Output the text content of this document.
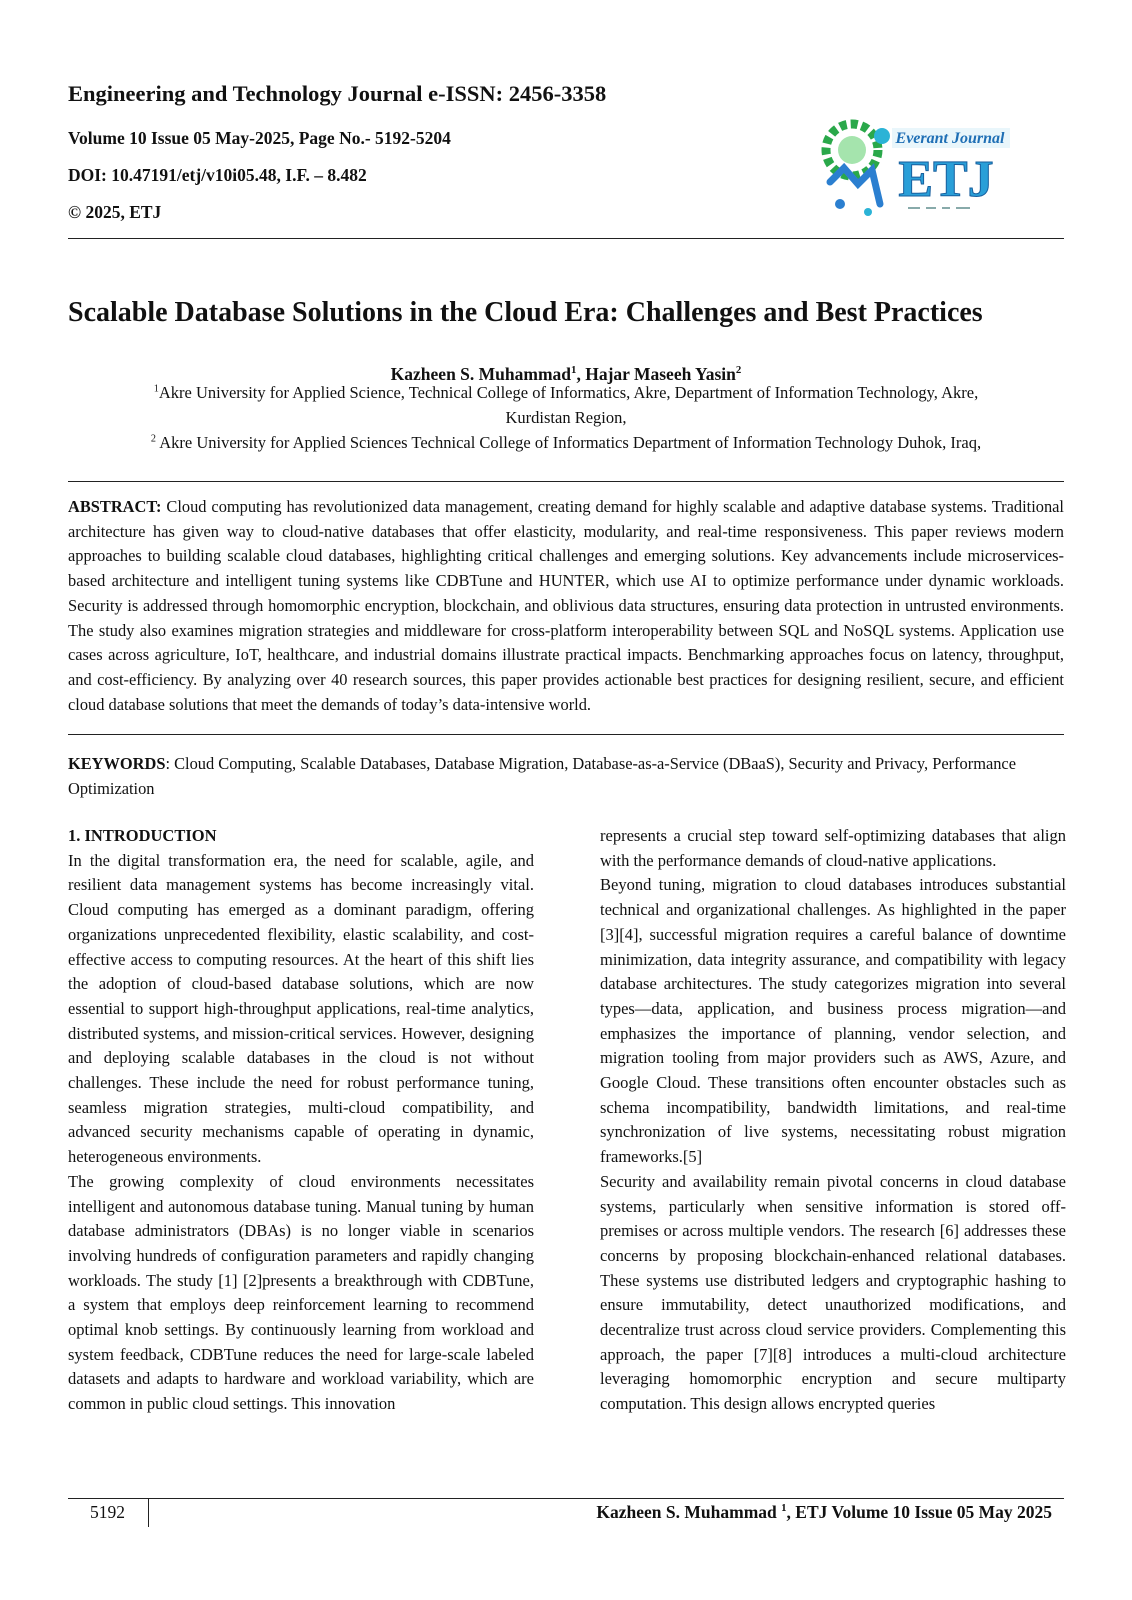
Engineering and Technology Journal e-ISSN: 2456-3358
Volume 10 Issue 05 May-2025, Page No.- 5192-5204
DOI: 10.47191/etj/v10i05.48, I.F. – 8.482
© 2025, ETJ
Everant Journal
ETJ
Scalable Database Solutions in the Cloud Era: Challenges and Best Practices
Kazheen S. Muhammad$^1$, Hajar Maseeh Yasin$^2$
$^1$Akre University for Applied Science, Technical College of Informatics, Akre, Department of Information Technology, Akre,
Kurdistan Region,
$^2$ Akre University for Applied Sciences Technical College of Informatics Department of Information Technology Duhok, Iraq,

ABSTRACT: Cloud computing has revolutionized data management, creating demand for highly scalable and adaptive database systems. Traditional architecture has given way to cloud-native databases that offer elasticity, modularity, and real-time responsiveness. This paper reviews modern approaches to building scalable cloud databases, highlighting critical challenges and emerging solutions. Key advancements include microservices-based architecture and intelligent tuning systems like CDBTune and HUNTER, which use AI to optimize performance under dynamic workloads. Security is addressed through homomorphic encryption, blockchain, and oblivious data structures, ensuring data protection in untrusted environments. The study also examines migration strategies and middleware for cross-platform interoperability between SQL and NoSQL systems. Application use cases across agriculture, IoT, healthcare, and industrial domains illustrate practical impacts. Benchmarking approaches focus on latency, throughput, and cost-efficiency. By analyzing over 40 research sources, this paper provides actionable best practices for designing resilient, secure, and efficient cloud database solutions that meet the demands of today’s data-intensive world.

KEYWORDS: Cloud Computing, Scalable Databases, Database Migration, Database-as-a-Service (DBaaS), Security and Privacy, Performance Optimization

1. INTRODUCTION

In the digital transformation era, the need for scalable, agile, and resilient data management systems has become increasingly vital. Cloud computing has emerged as a dominant paradigm, offering organizations unprecedented flexibility, elastic scalability, and cost-effective access to computing resources. At the heart of this shift lies the adoption of cloud-based database solutions, which are now essential to support high-throughput applications, real-time analytics, distributed systems, and mission-critical services. However, designing and deploying scalable databases in the cloud is not without challenges. These include the need for robust performance tuning, seamless migration strategies, multi-cloud compatibility, and advanced security mechanisms capable of operating in dynamic, heterogeneous environments.

The growing complexity of cloud environments necessitates intelligent and autonomous database tuning. Manual tuning by human database administrators (DBAs) is no longer viable in scenarios involving hundreds of configuration parameters and rapidly changing workloads. The study [1] [2]presents a breakthrough with CDBTune, a system that employs deep reinforcement learning to recommend optimal knob settings. By continuously learning from workload and system feedback, CDBTune reduces the need for large-scale labeled datasets and adapts to hardware and workload variability, which are common in public cloud settings. This innovation

represents a crucial step toward self-optimizing databases that align with the performance demands of cloud-native applications.

Beyond tuning, migration to cloud databases introduces substantial technical and organizational challenges. As highlighted in the paper [3][4], successful migration requires a careful balance of downtime minimization, data integrity assurance, and compatibility with legacy database architectures. The study categorizes migration into several types—data, application, and business process migration—and emphasizes the importance of planning, vendor selection, and migration tooling from major providers such as AWS, Azure, and Google Cloud. These transitions often encounter obstacles such as schema incompatibility, bandwidth limitations, and real-time synchronization of live systems, necessitating robust migration frameworks.[5]

Security and availability remain pivotal concerns in cloud database systems, particularly when sensitive information is stored off-premises or across multiple vendors. The research [6] addresses these concerns by proposing blockchain-enhanced relational databases. These systems use distributed ledgers and cryptographic hashing to ensure immutability, detect unauthorized modifications, and decentralize trust across cloud service providers. Complementing this approach, the paper [7][8] introduces a multi-cloud architecture leveraging homomorphic encryption and secure multiparty computation. This design allows encrypted queries

5192	Kazheen S. Muhammad $^1$, ETJ Volume 10 Issue 05 May 2025
